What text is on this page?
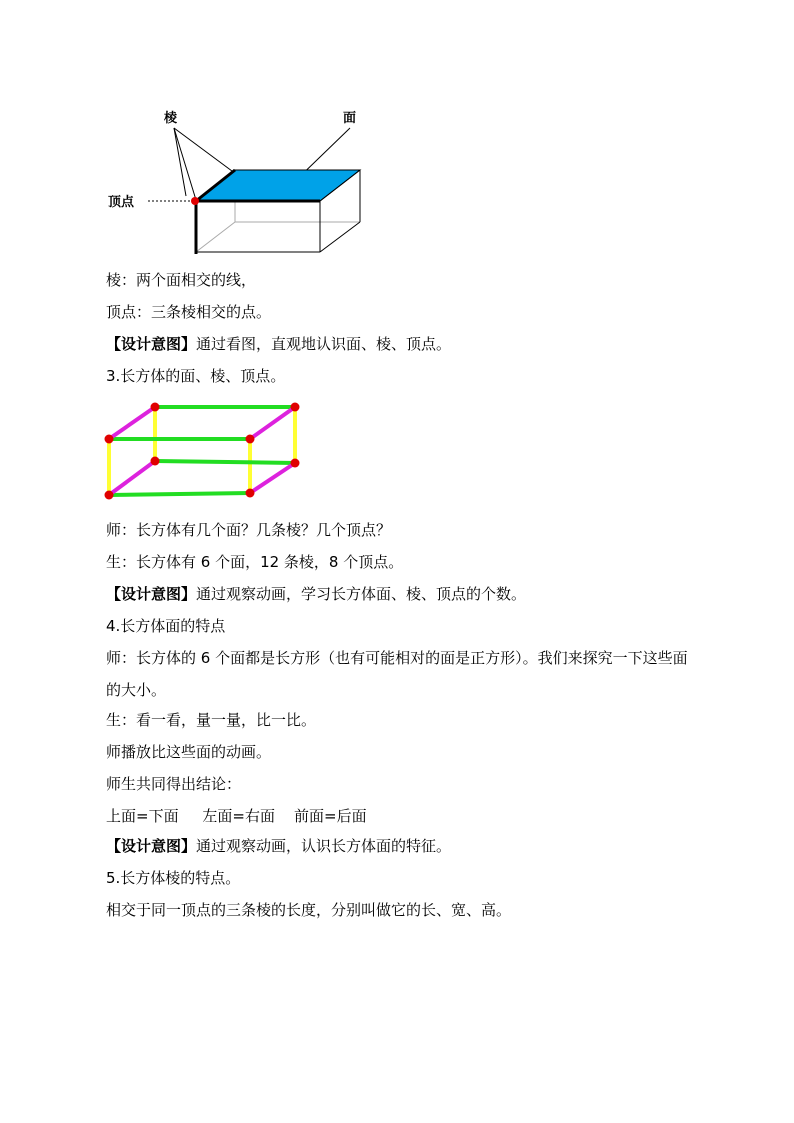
棱	面
顶点
棱：两个面相交的线，
顶点：三条棱相交的点。
【设计意图】通过看图，直观地认识面、棱、顶点。
3.长方体的面、棱、顶点。
师：长方体有几个面？几条棱？几个顶点？
生：长方体有 6 个面，12 条棱，8 个顶点。
【设计意图】通过观察动画，学习长方体面、棱、顶点的个数。
4.长方体面的特点
师：长方体的 6 个面都是长方形（也有可能相对的面是正方形）。我们来探究一下这些面的大小。
生：看一看，量一量，比一比。
师播放比这些面的动画。
师生共同得出结论：
上面=下面     左面=右面    前面=后面
【设计意图】通过观察动画，认识长方体面的特征。
5.长方体棱的特点。
相交于同一顶点的三条棱的长度，分别叫做它的长、宽、高。
